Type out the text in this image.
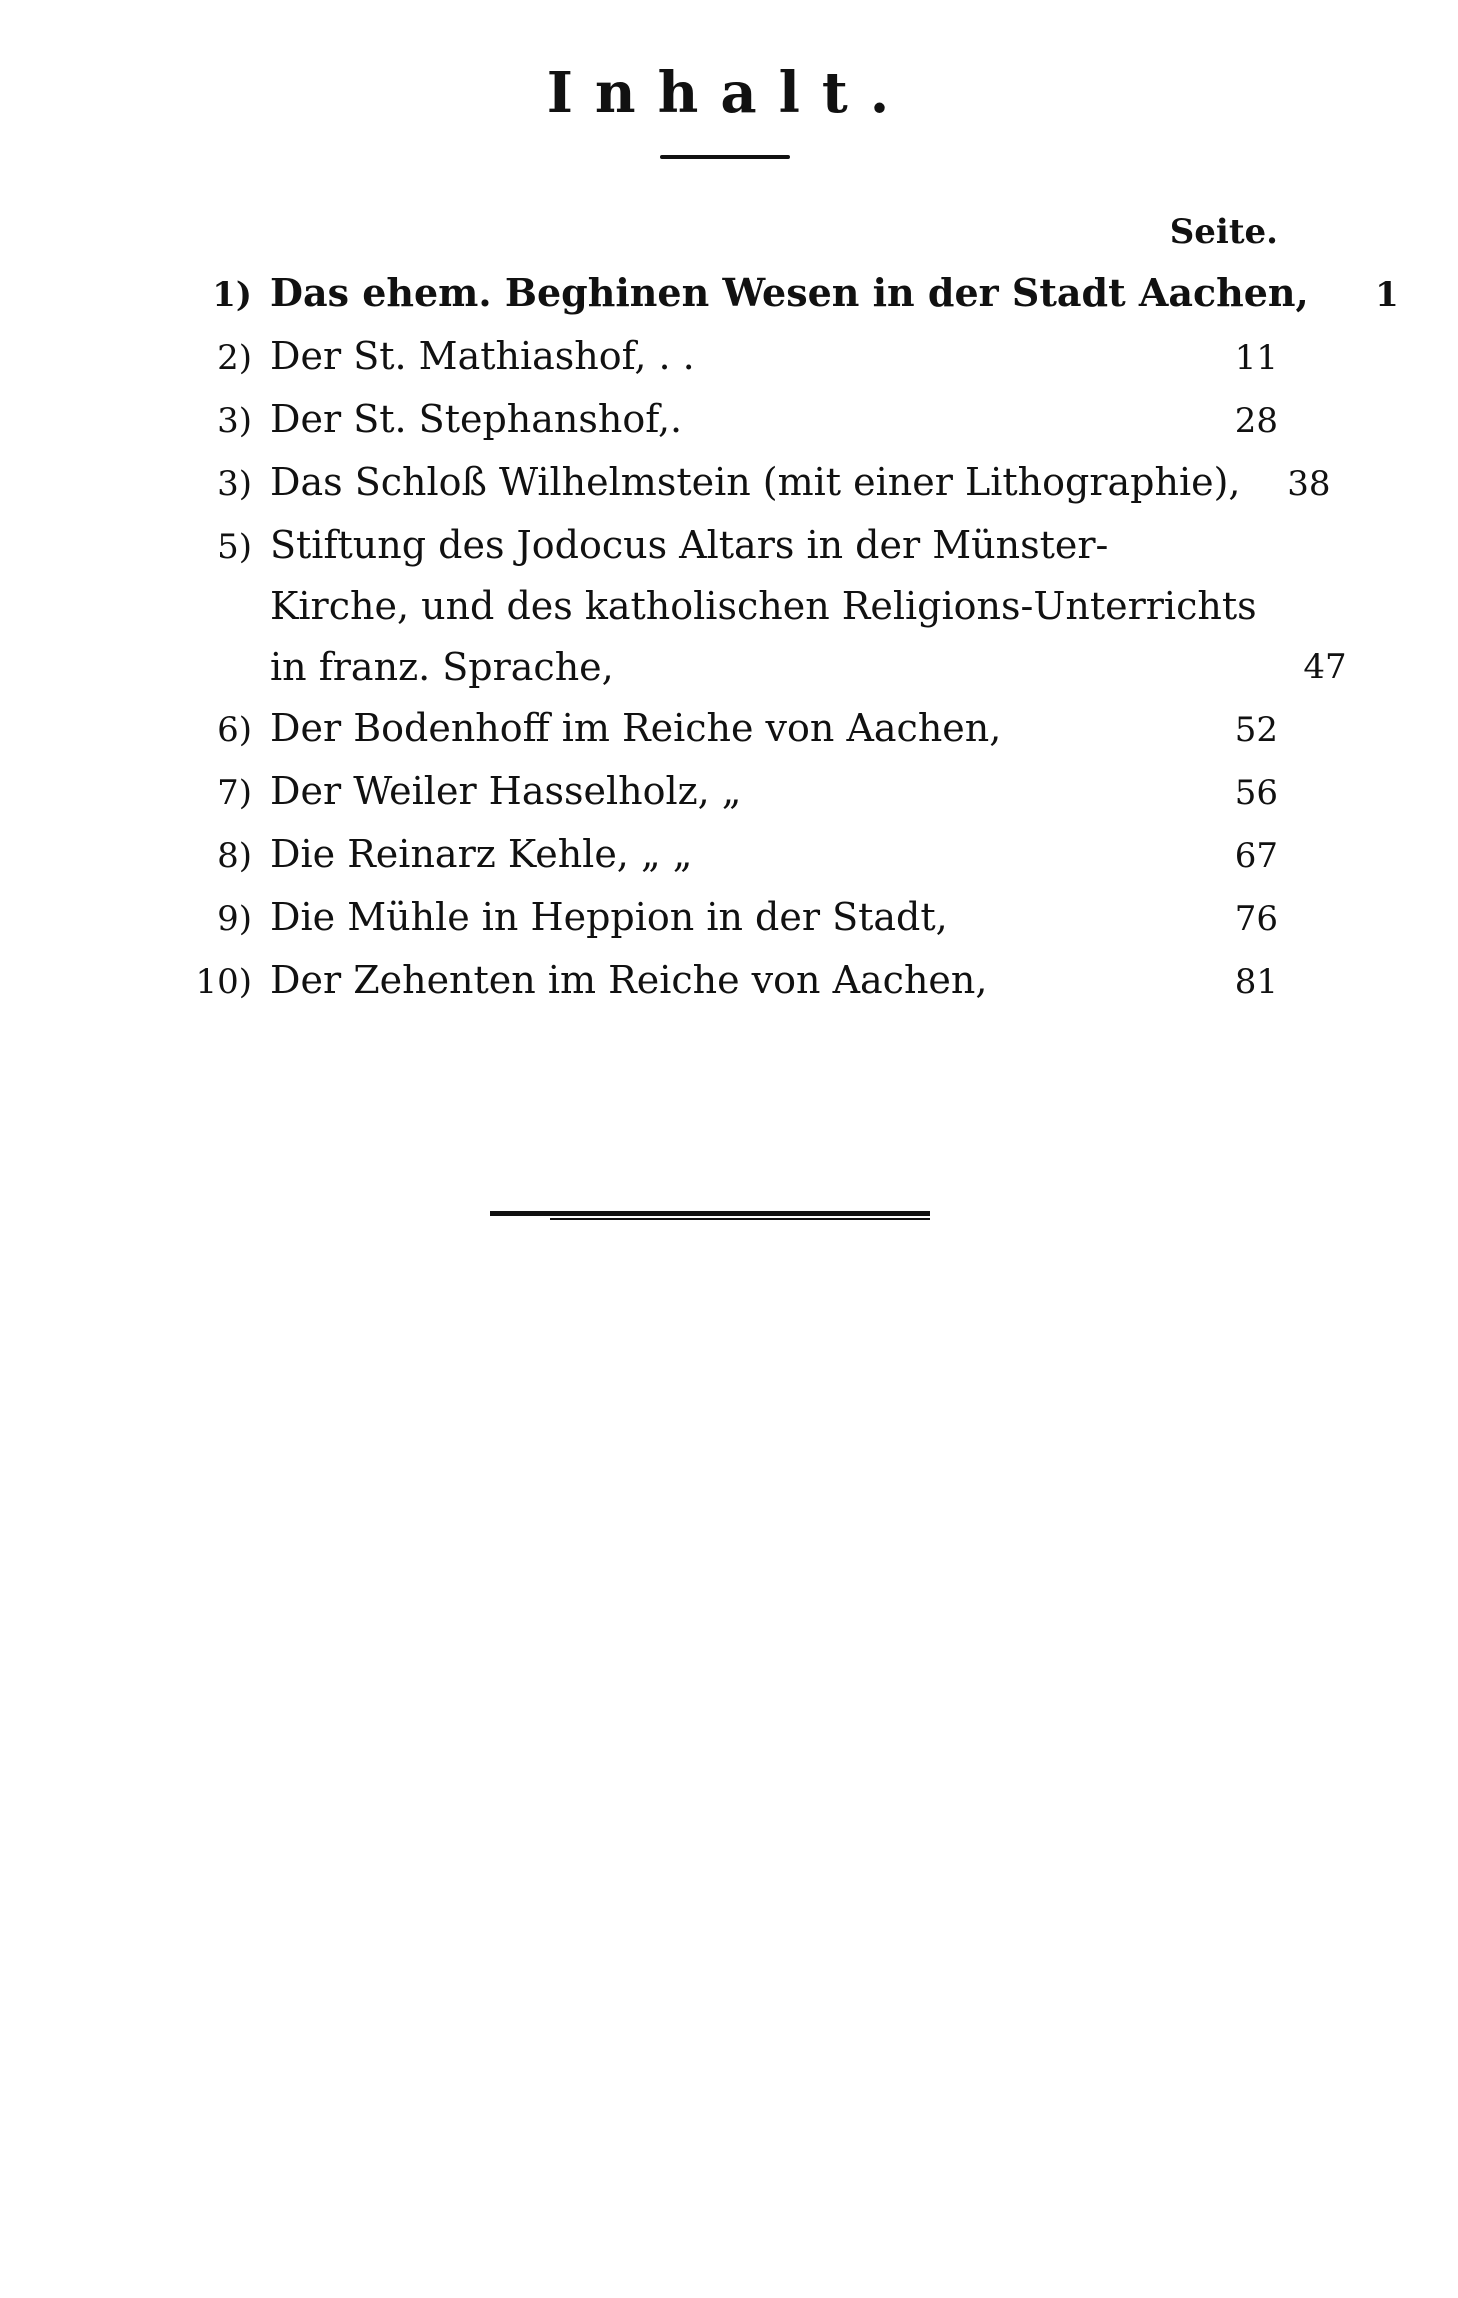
Inhalt.
Seite.
1) Das ehem. Beghinen Wesen in der Stadt Aachen,	1
2) Der St. Mathiashof, . .	11
3) Der St. Stephanshof,.	28
3) Das Schloß Wilhelmstein (mit einer Lithographie),	38
5) Stiftung des Jodocus Altars in der Münster-
Kirche, und des katholischen Religions-Unterrichts
in franz. Sprache,	47
6) Der Bodenhoff im Reiche von Aachen,	52
7) Der Weiler Hasselholz, „	56
8) Die Reinarz Kehle, „ „	67
9) Die Mühle in Heppion in der Stadt,	76
10) Der Zehenten im Reiche von Aachen,	81
